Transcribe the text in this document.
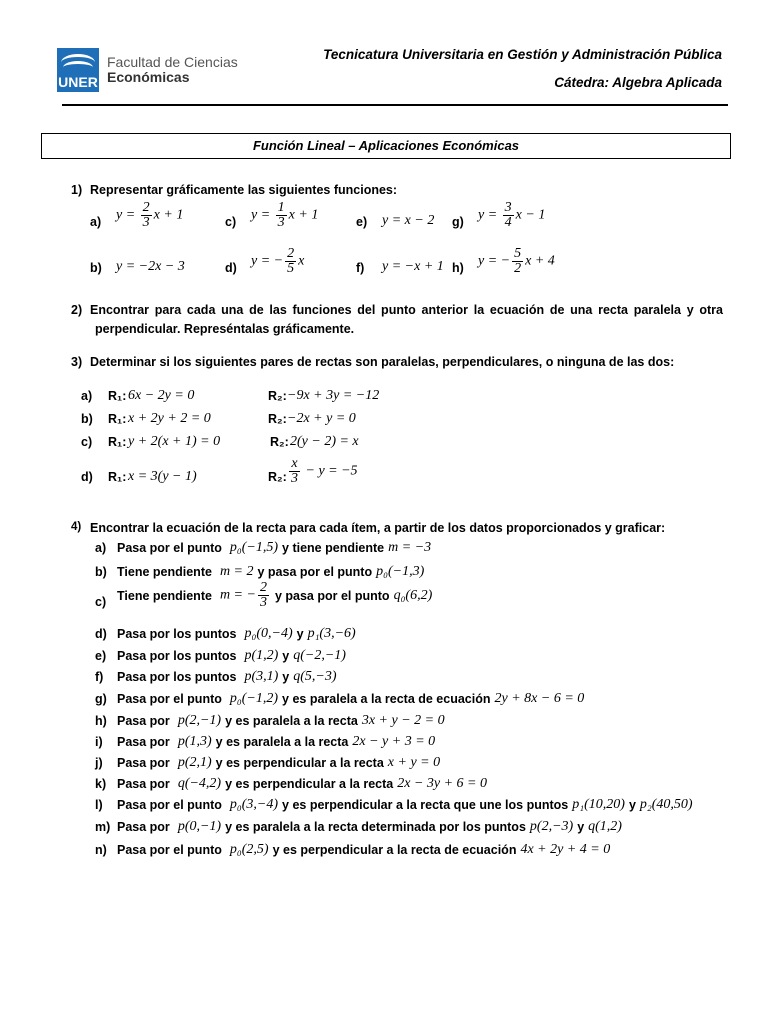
UNER
Facultad de Ciencias
Económicas
Tecnicatura Universitaria en Gestión y Administración Pública
Cátedra: Algebra Aplicada
Función Lineal – Aplicaciones Económicas
1) Representar gráficamente las siguientes funciones:
a) $y = \frac{2}{3}$ x + 1	c) $y = \frac{1}{3}$ x + 1	e) y = x − 2 g) $y = \frac{3}{4}$ x − 1
b) y = −2x − 3	d) y = − $\frac{2}{5}$ x	f) y = −x + 1 h) y = − $\frac{5}{2}$ x + 4
2) Encontrar para cada una de las funciones del punto anterior la ecuación de una recta paralela y otra
perpendicular. Represéntalas gráficamente.
3) Determinar si los siguientes pares de rectas son paralelas, perpendiculares, o ninguna de las dos:
a) R₁: 6x − 2y = 0	R₂: −9x + 3y = −12
b) R₁: x + 2y + 2 = 0	R₂: −2x + y = 0
c) R₁: y + 2(x + 1) = 0	R₂: 2(y − 2) = x
d) R₁: x = 3(y − 1)	R₂: $\frac{x}{3} - y = -5$
4) Encontrar la ecuación de la recta para cada ítem, a partir de los datos proporcionados y graficar:
a) Pasa por el punto p₀(−1,5) y tiene pendiente m = −3
b) Tiene pendiente m = 2 y pasa por el punto p₀(−1,3)
c) Tiene pendiente m = − $\frac{2}{3}$ y pasa por el punto q₀(6,2)
d) Pasa por los puntos p₀(0,−4) y p₁(3,−6)
e) Pasa por los puntos p(1,2) y q(−2,−1)
f) Pasa por los puntos p(3,1) y q(5,−3)
g) Pasa por el punto p₀(−1,2) y es paralela a la recta de ecuación 2y + 8x − 6 = 0
h) Pasa por p(2,−1) y es paralela a la recta 3x + y − 2 = 0
i) Pasa por p(1,3) y es paralela a la recta 2x − y + 3 = 0
j) Pasa por p(2,1) y es perpendicular a la recta x + y = 0
k) Pasa por q(−4,2) y es perpendicular a la recta 2x − 3y + 6 = 0
l) Pasa por el punto p₀(3,−4) y es perpendicular a la recta que une los puntos p₁(10,20) y p₂(40,50)
m) Pasa por p(0,−1) y es paralela a la recta determinada por los puntos p(2,−3) y q(1,2)
n) Pasa por el punto p₀(2,5) y es perpendicular a la recta de ecuación 4x + 2y + 4 = 0
